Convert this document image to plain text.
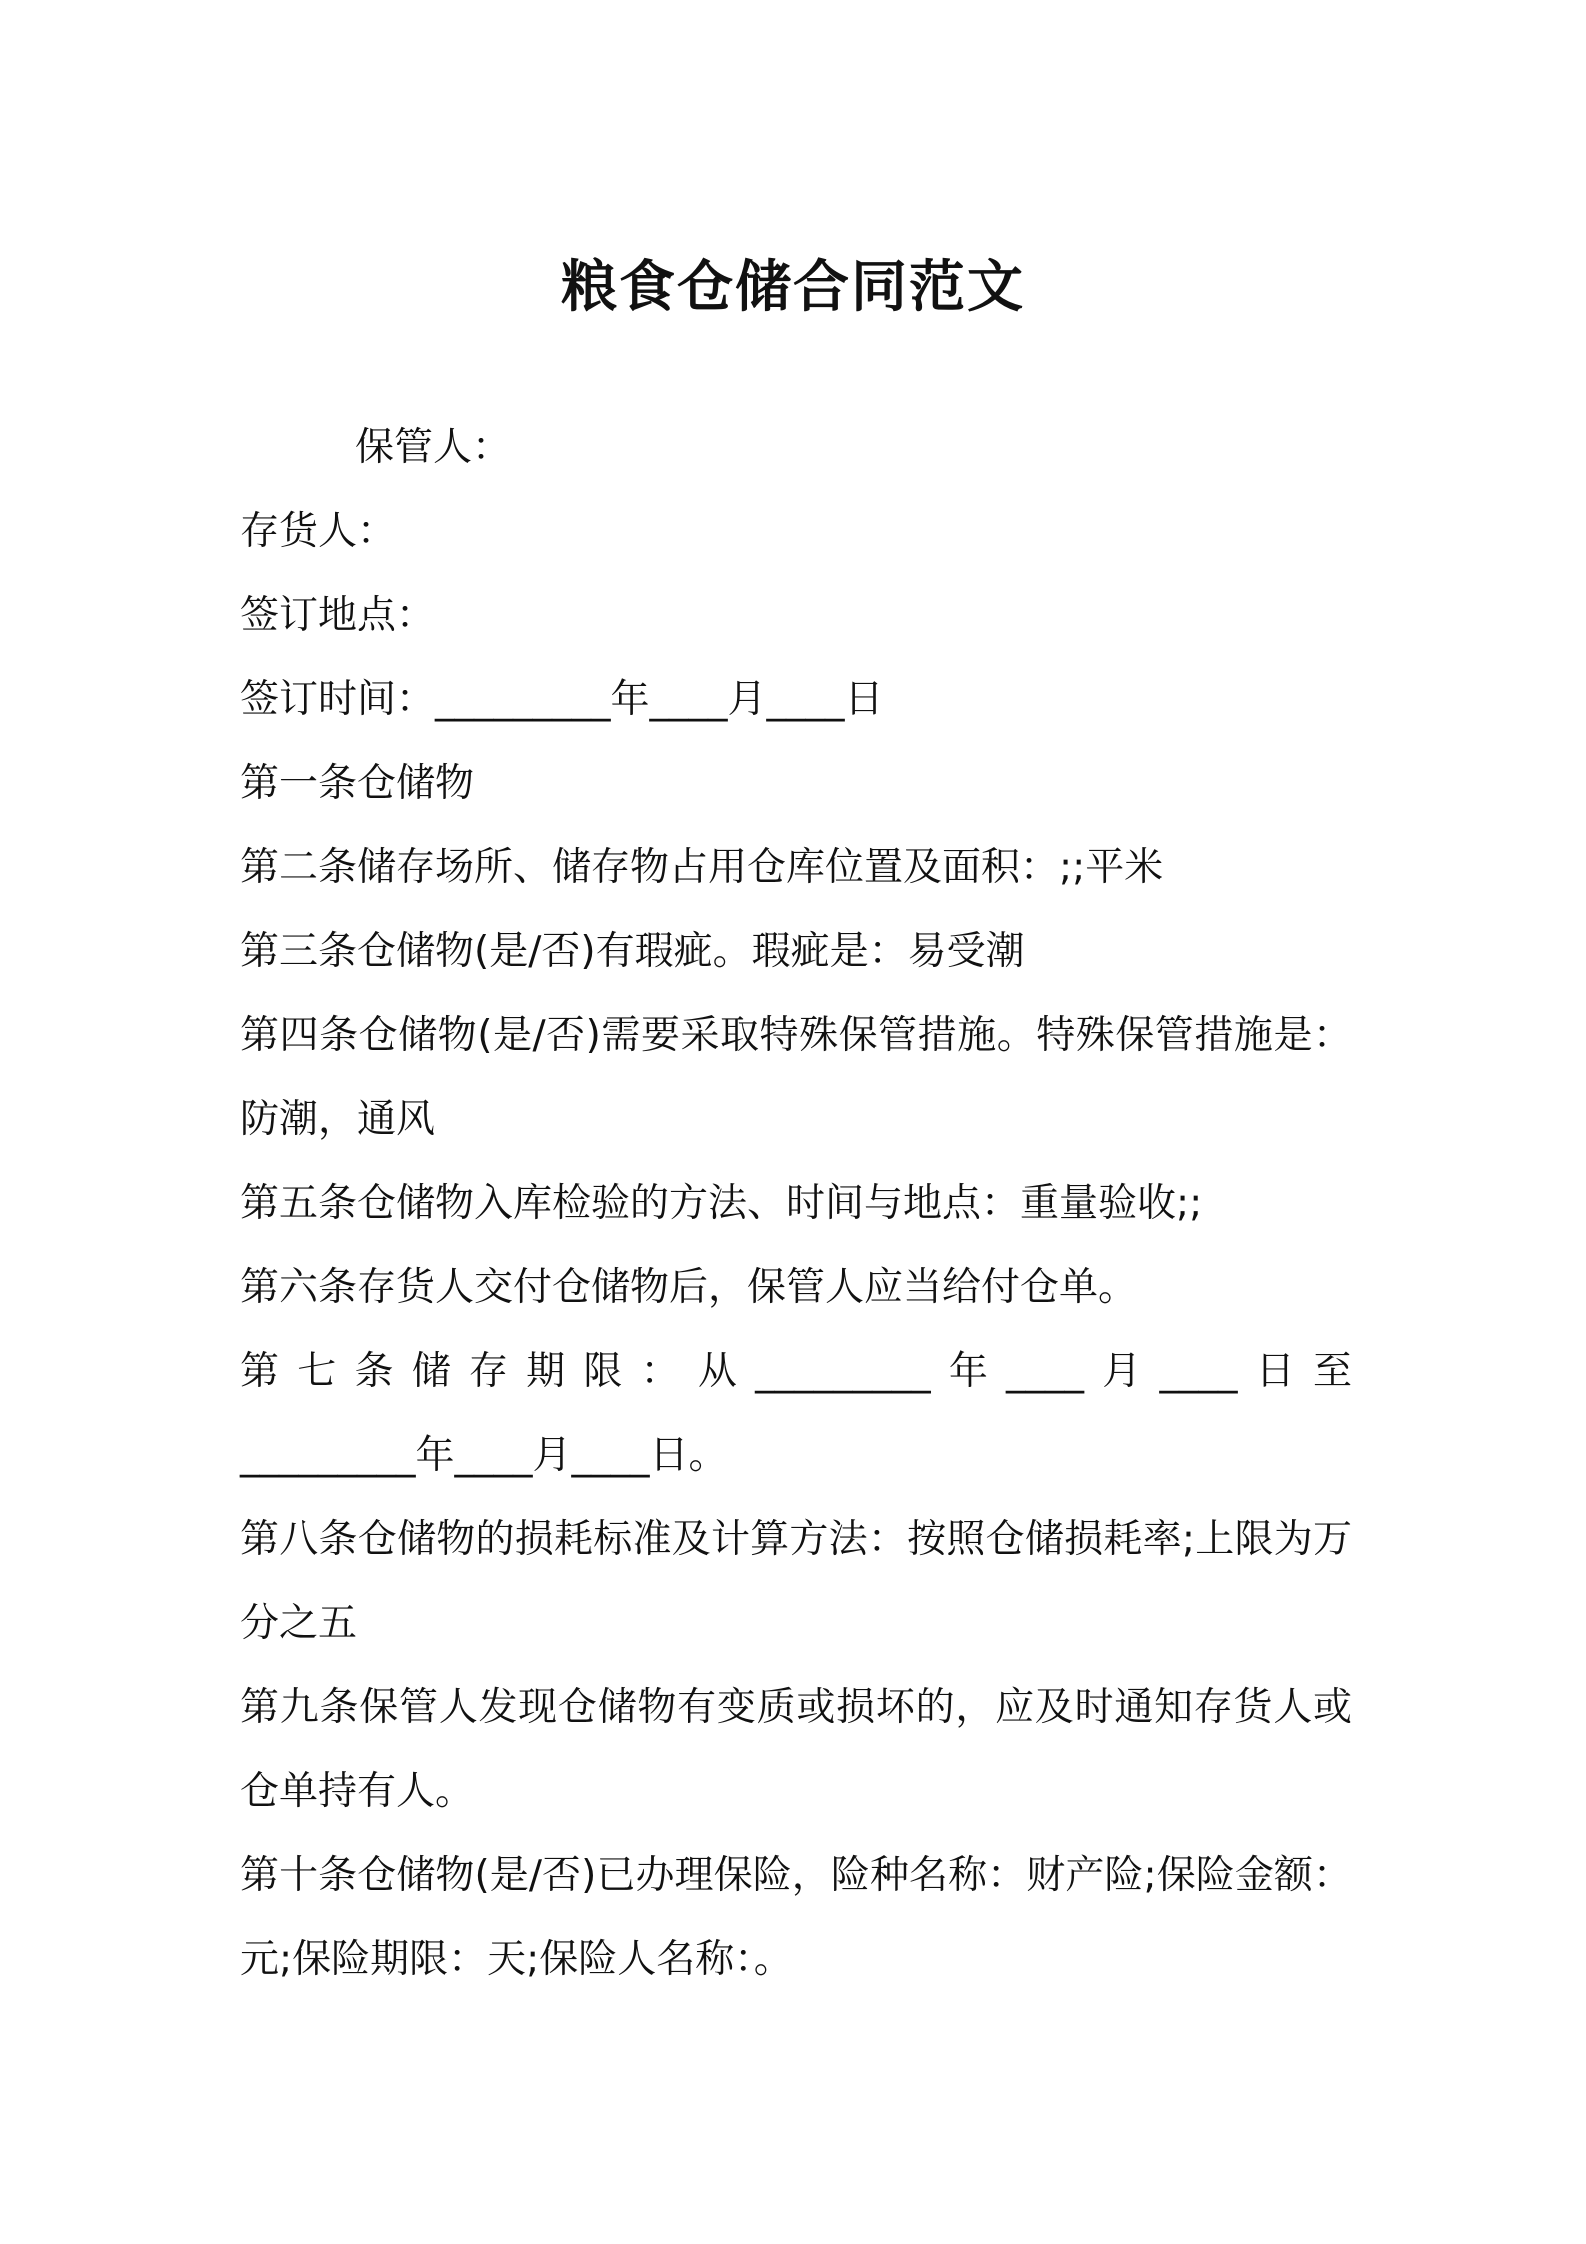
粮食仓储合同范文

保管人：

存货人：

签订地点：

签订时间：_________年____月____日

第一条仓储物

第二条储存场所、储存物占用仓库位置及面积：;;平米

第三条仓储物(是/否)有瑕疵。瑕疵是：易受潮

第四条仓储物(是/否)需要采取特殊保管措施。特殊保管措施是：防潮，通风

第五条仓储物入库检验的方法、时间与地点：重量验收;;

第六条存货人交付仓储物后，保管人应当给付仓单。

第七条储存期限：从_________年____月____日至

_________年____月____日。

第八条仓储物的损耗标准及计算方法：按照仓储损耗率;上限为万分之五

第九条保管人发现仓储物有变质或损坏的，应及时通知存货人或仓单持有人。

第十条仓储物(是/否)已办理保险，险种名称：财产险;保险金额：元;保险期限：天;保险人名称：。
